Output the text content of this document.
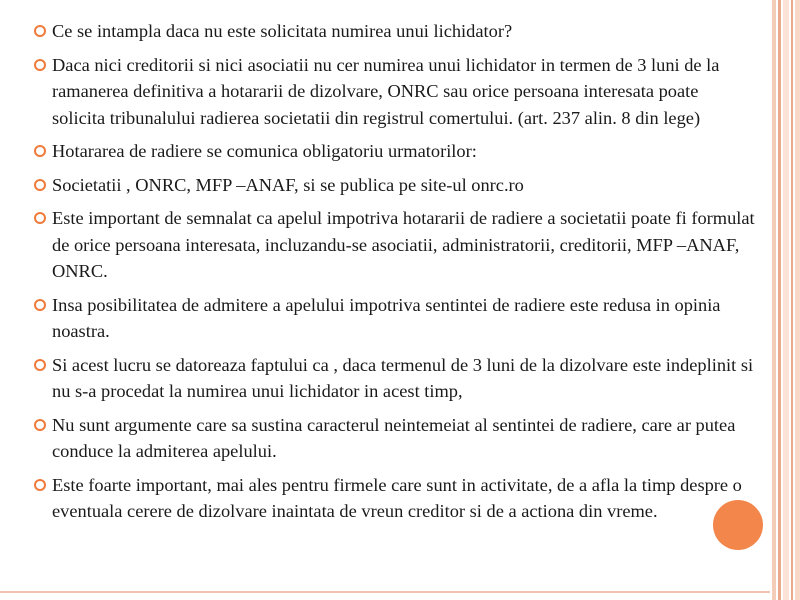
Ce se intampla daca nu este solicitata numirea unui lichidator?
Daca nici creditorii si nici asociatii nu cer numirea unui lichidator in termen de 3 luni de la ramanerea definitiva a hotararii de dizolvare, ONRC sau orice persoana interesata poate solicita tribunalului radierea societatii din registrul comertului. (art. 237 alin. 8 din lege)
Hotararea de radiere se comunica obligatoriu urmatorilor:
Societatii , ONRC, MFP –ANAF, si se publica pe site-ul onrc.ro
Este important de semnalat ca apelul impotriva hotararii de radiere a societatii poate fi formulat de orice persoana interesata, incluzandu-se asociatii, administratorii, creditorii, MFP –ANAF, ONRC.
Insa posibilitatea de admitere a apelului impotriva sentintei de radiere este redusa in opinia noastra.
Si acest lucru se datoreaza faptului ca , daca termenul de 3 luni de la dizolvare este indeplinit si nu s-a procedat la numirea unui lichidator in acest timp,
Nu sunt argumente care sa sustina caracterul neintemeiat al sentintei de radiere, care ar putea conduce la admiterea apelului.
Este foarte important, mai ales pentru firmele care sunt in activitate, de a afla la timp despre o eventuala cerere de dizolvare inaintata de vreun creditor si de a actiona din vreme.
